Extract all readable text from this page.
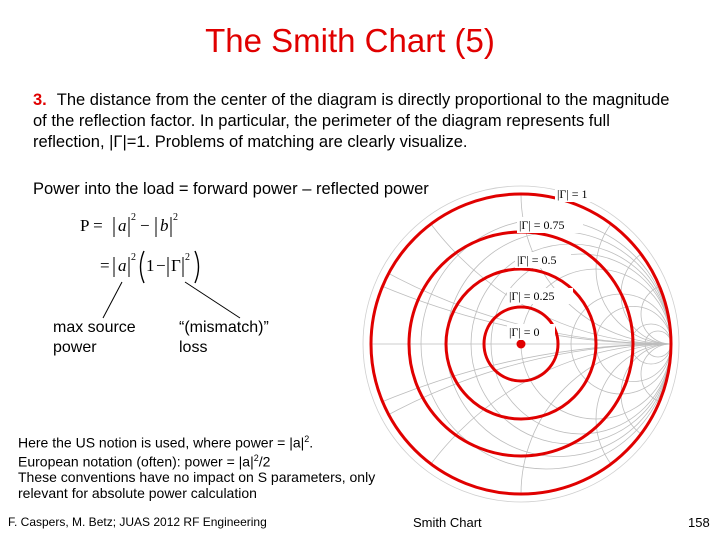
The Smith Chart (5)
3. The distance from the center of the diagram is directly proportional to the magnitude of the reflection factor. In particular, the perimeter of the diagram represents full reflection, |Γ|=1. Problems of matching are clearly visualize.
Power into the load = forward power – reflected power
P = a 2 − b 2
= a 2 1 − Γ 2
max source
power
“(mismatch)”
loss
|Γ| = 1
|Γ| = 0.75
|Γ| = 0.5
|Γ| = 0.25
|Γ| = 0
Here the US notion is used, where power = $|a|^2$.
European notation (often): power = $|a|^2/2$
These conventions have no impact on S parameters, only
relevant for absolute power calculation
F. Caspers, M. Betz; JUAS 2012 RF Engineering	Smith Chart	158
